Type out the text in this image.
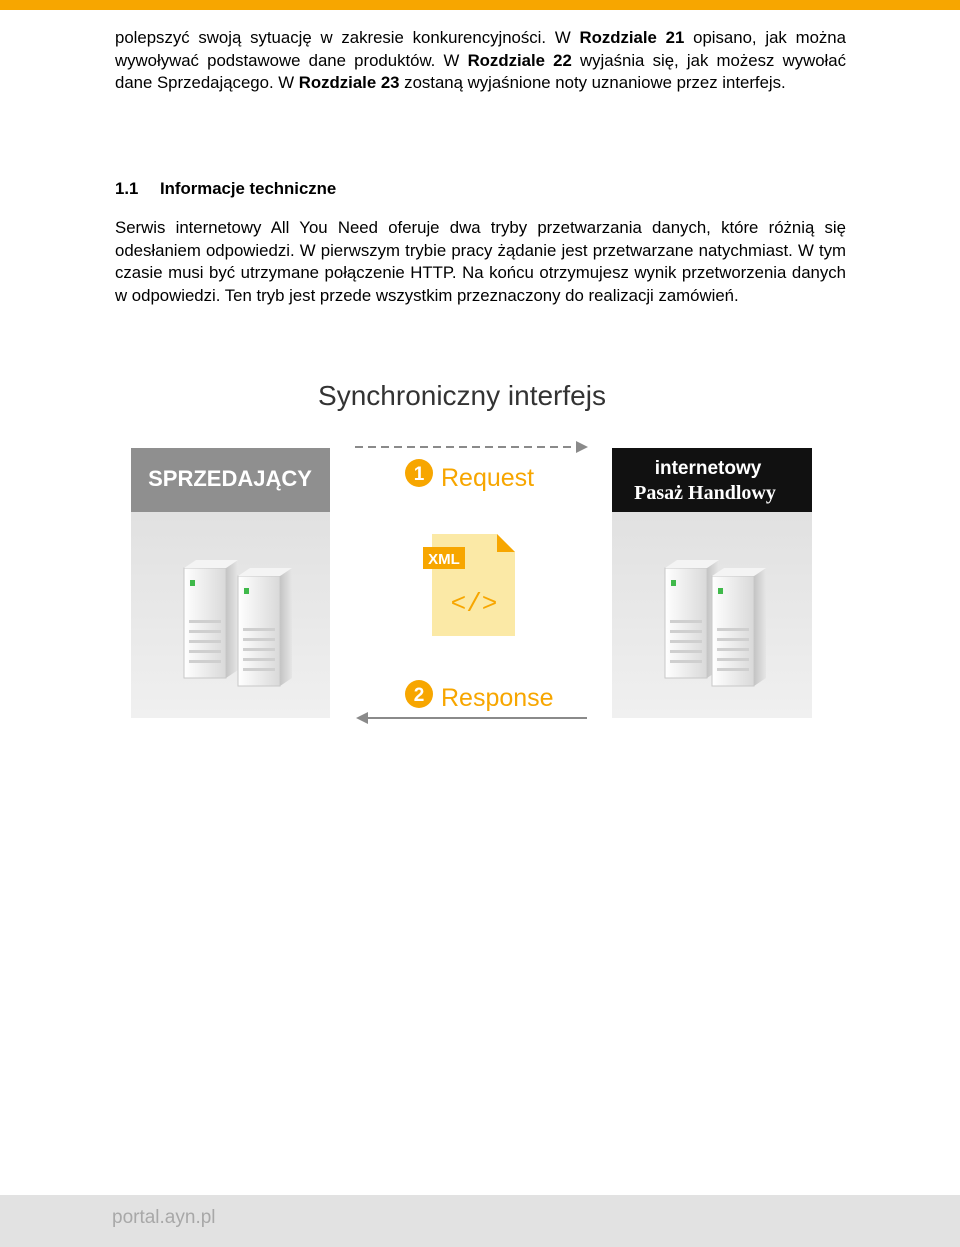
polepszyć swoją sytuację w zakresie konkurencyjności. W Rozdziale 21 opisano, jak można wywoływać podstawowe dane produktów. W Rozdziale 22 wyjaśnia się, jak możesz wywołać dane Sprzedającego. W Rozdziale 23 zostaną wyjaśnione noty uznaniowe przez interfejs.

1.1 Informacje techniczne

Serwis internetowy All You Need oferuje dwa tryby przetwarzania danych, które różnią się odesłaniem odpowiedzi. W pierwszym trybie pracy żądanie jest przetwarzane natychmiast. W tym czasie musi być utrzymane połączenie HTTP. Na końcu otrzymujesz wynik przetworzenia danych w odpowiedzi. Ten tryb jest przede wszystkim przeznaczony do realizacji zamówień.

Synchroniczny interfejs
SPRZEDAJĄCY	internetowy
Pasaż Handlowy
1 Request
XML
</>
2 Response
portal.ayn.pl
